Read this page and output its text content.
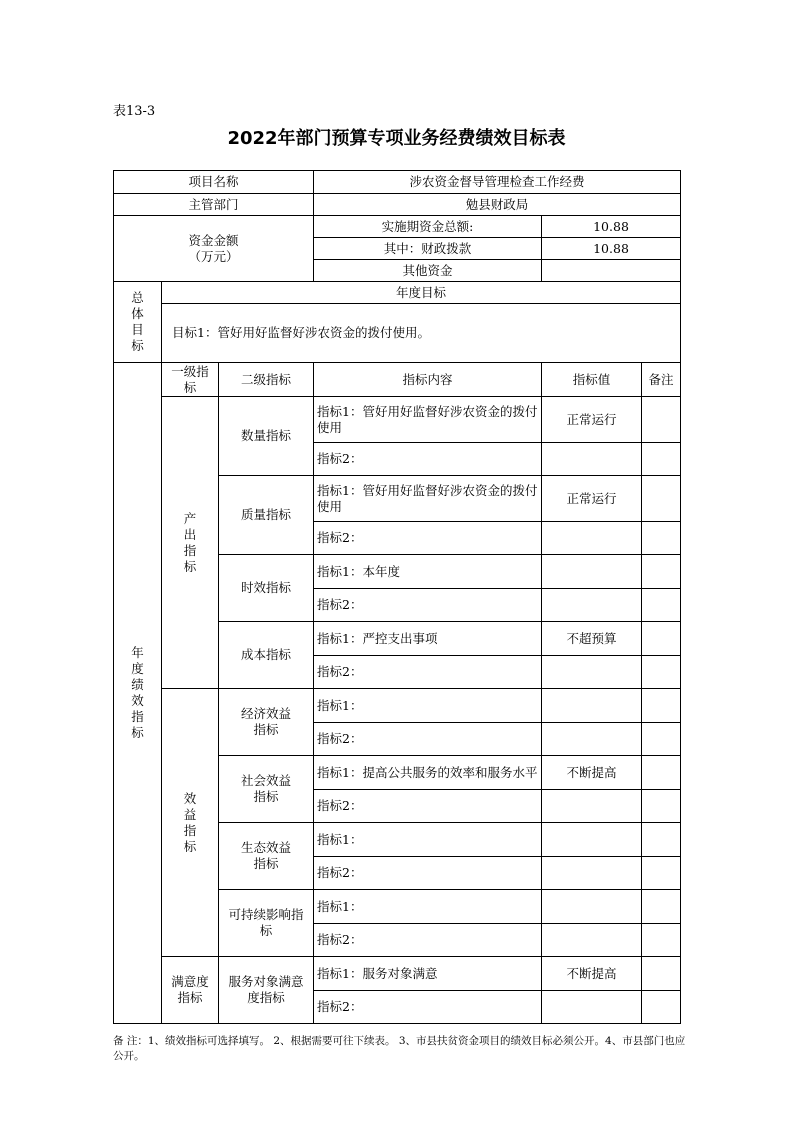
表13-3
2022年部门预算专项业务经费绩效目标表
项目名称			涉农资金督导管理检查工作经费		
主管部门			勉县财政局		

资金金额
（万元）			实施期资金总额:	10.88	
			其中：财政拨款	10.88	
			其他资金		

总体目标	年度目标				
	目标1：管好用好监督好涉农资金的拨付使用。				

年度绩效指标	一级指标	二级指标	指标内容	指标值	备注

	产出指标	数量指标	指标1：管好用好监督好涉农资金的拨付使用	正常运行	
			指标2：		
		质量指标	指标1：管好用好监督好涉农资金的拨付使用	正常运行	
			指标2：		
		时效指标	指标1：本年度		
			指标2：		
		成本指标	指标1：严控支出事项	不超预算	
			指标2：		

	效益指标	经济效益指标	指标1：		
			指标2：		

		社会效益指标	指标1：提高公共服务的效率和服务水平	不断提高	
			指标2：		

		生态效益指标	指标1：		
			指标2：		

		可持续影响指标	指标1：		
			指标2：		

	满意度指标	服务对象满意度指标	指标1：服务对象满意	不断提高	
			指标2：		
备 注：1、绩效指标可选择填写。 2、根据需要可往下续表。 3、市县扶贫资金项目的绩效目标必须公开。4、市县部门也应公开。
